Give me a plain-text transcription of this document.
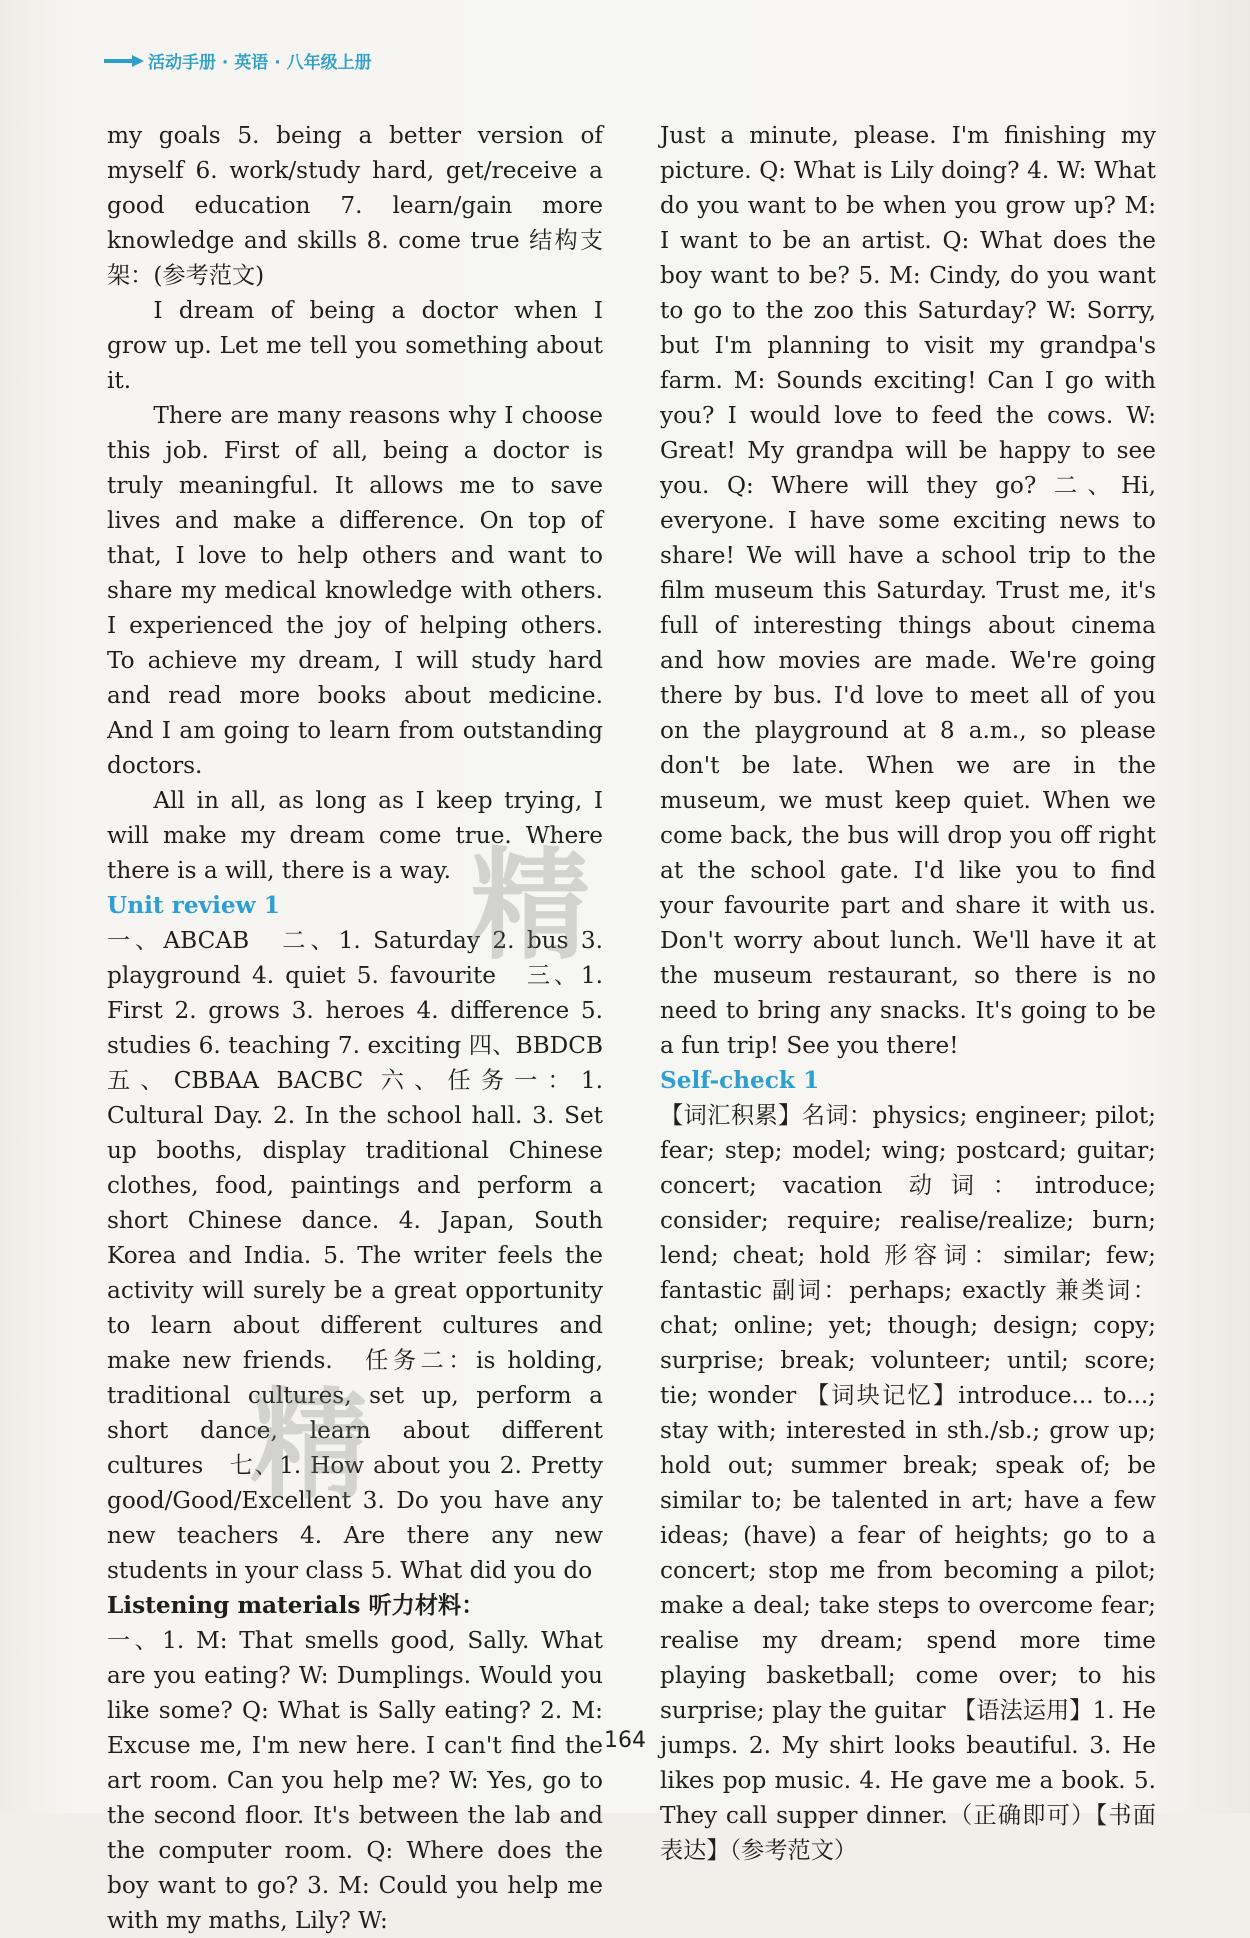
活动手册 · 英语 · 八年级上册

my goals 5. being a better version of myself 6. work/study hard, get/receive a good education 7. learn/gain more knowledge and skills 8. come true 结构支架：(参考范文)

I dream of being a doctor when I grow up. Let me tell you something about it.

There are many reasons why I choose this job. First of all, being a doctor is truly meaningful. It allows me to save lives and make a difference. On top of that, I love to help others and want to share my medical knowledge with others. I experienced the joy of helping others. To achieve my dream, I will study hard and read more books about medicine. And I am going to learn from outstanding doctors.

All in all, as long as I keep trying, I will make my dream come true. Where there is a will, there is a way.

Unit review 1

一、ABCAB　二、1. Saturday 2. bus 3. playground 4. quiet 5. favourite　三、1. First 2. grows 3. heroes 4. difference 5. studies 6. teaching 7. exciting 四、BBDCB 五、CBBAA BACBC 六、任务一：1. Cultural Day. 2. In the school hall. 3. Set up booths, display traditional Chinese clothes, food, paintings and perform a short Chinese dance. 4. Japan, South Korea and India. 5. The writer feels the activity will surely be a great opportunity to learn about different cultures and make new friends.　任务二：is holding, traditional cultures, set up, perform a short dance, learn about different cultures　七、1. How about you 2. Pretty good/Good/Excellent 3. Do you have any new teachers 4. Are there any new students in your class 5. What did you do

Listening materials 听力材料：

一、1. M: That smells good, Sally. What are you eating? W: Dumplings. Would you like some? Q: What is Sally eating? 2. M: Excuse me, I'm new here. I can't find the art room. Can you help me? W: Yes, go to the second floor. It's between the lab and the computer room. Q: Where does the boy want to go? 3. M: Could you help me with my maths, Lily? W:

Just a minute, please. I'm finishing my picture. Q: What is Lily doing? 4. W: What do you want to be when you grow up? M: I want to be an artist. Q: What does the boy want to be? 5. M: Cindy, do you want to go to the zoo this Saturday? W: Sorry, but I'm planning to visit my grandpa's farm. M: Sounds exciting! Can I go with you? I would love to feed the cows. W: Great! My grandpa will be happy to see you. Q: Where will they go? 二、Hi, everyone. I have some exciting news to share! We will have a school trip to the film museum this Saturday. Trust me, it's full of interesting things about cinema and how movies are made. We're going there by bus. I'd love to meet all of you on the playground at 8 a.m., so please don't be late. When we are in the museum, we must keep quiet. When we come back, the bus will drop you off right at the school gate. I'd like you to find your favourite part and share it with us. Don't worry about lunch. We'll have it at the museum restaurant, so there is no need to bring any snacks. It's going to be a fun trip! See you there!

Self-check 1

【词汇积累】名词：physics; engineer; pilot; fear; step; model; wing; postcard; guitar; concert; vacation 动词：introduce; consider; require; realise/realize; burn; lend; cheat; hold 形容词：similar; few; fantastic 副词：perhaps; exactly 兼类词：chat; online; yet; though; design; copy; surprise; break; volunteer; until; score; tie; wonder 【词块记忆】introduce... to...; stay with; interested in sth./sb.; grow up; hold out; summer break; speak of; be similar to; be talented in art; have a few ideas; (have) a fear of heights; go to a concert; stop me from becoming a pilot; make a deal; take steps to overcome fear; realise my dream; spend more time playing basketball; come over; to his surprise; play the guitar 【语法运用】1. He jumps. 2. My shirt looks beautiful. 3. He likes pop music. 4. He gave me a book. 5. They call supper dinner.（正确即可）【书面表达】（参考范文）

精
精
164
